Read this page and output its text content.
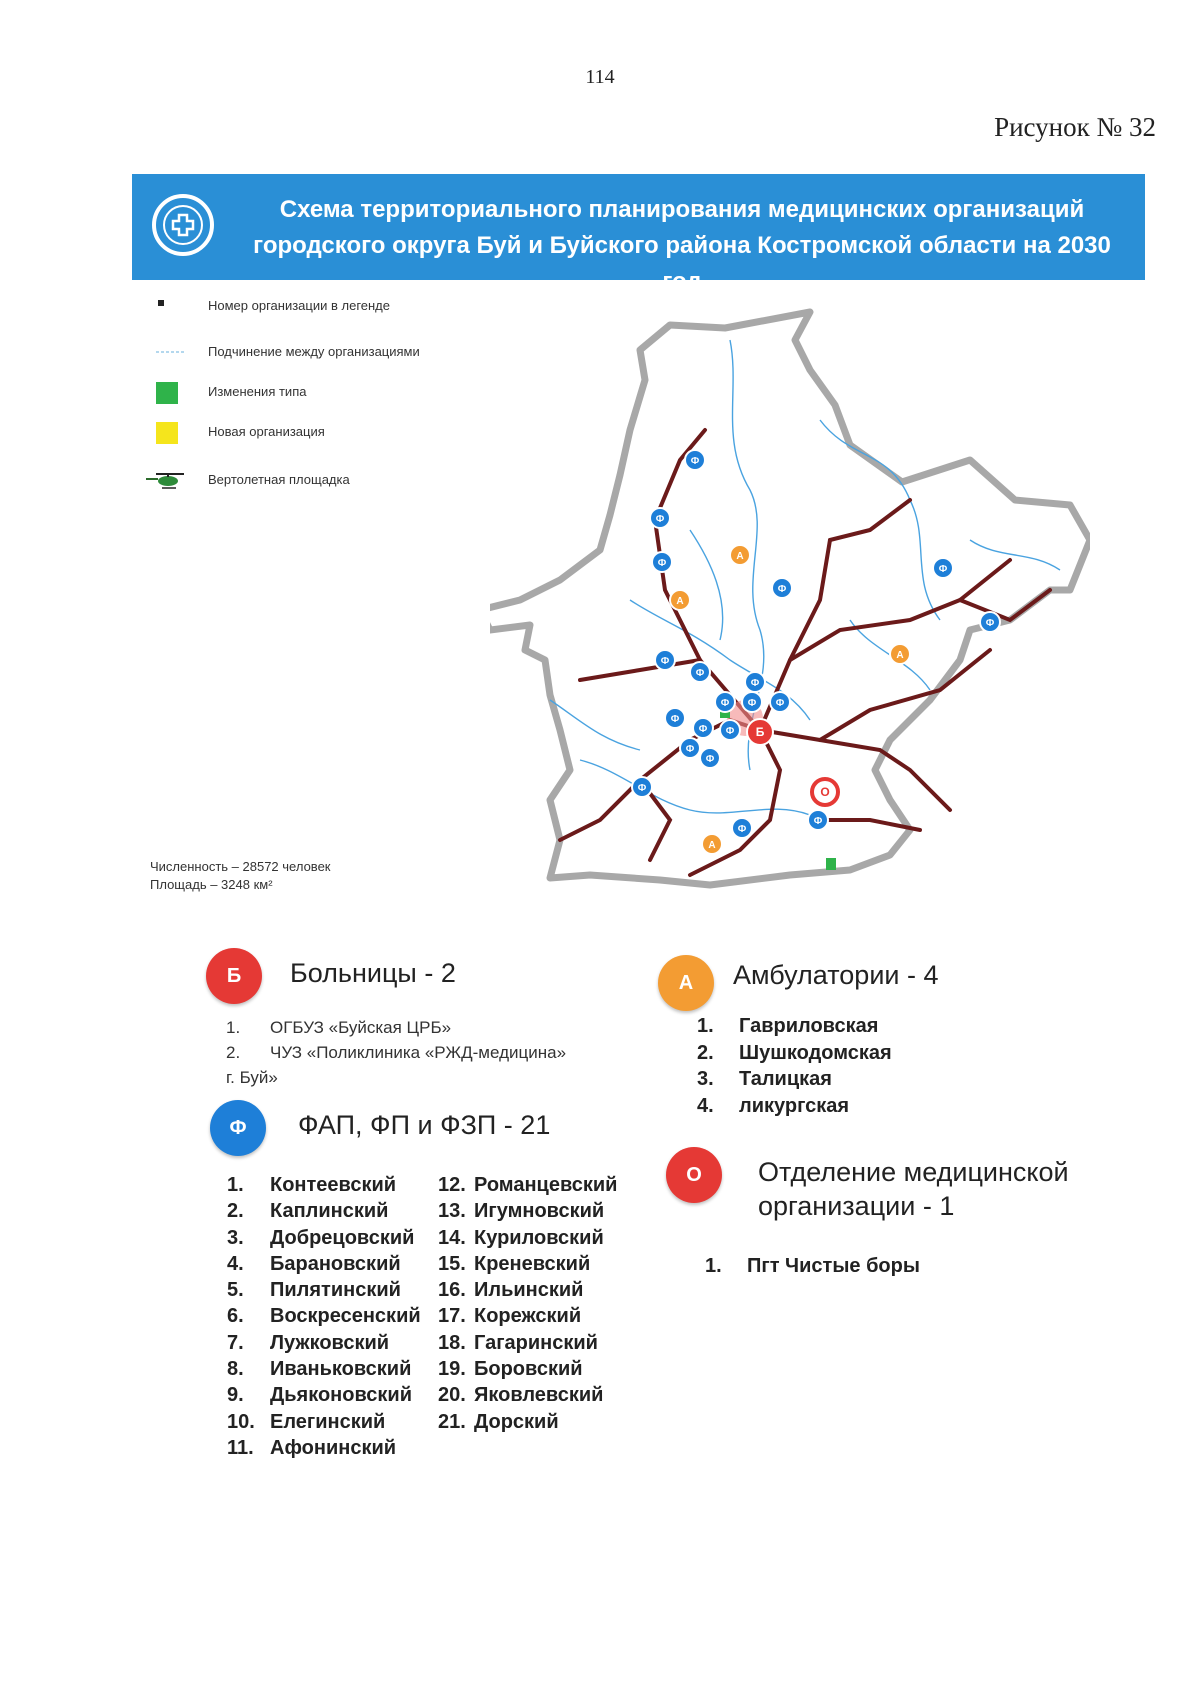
114
Рисунок № 32
Схема территориального планирования медицинских организаций
городского округа Буй и Буйского района Костромской области на 2030 год
Номер организации в легенде
Подчинение между организациями
Изменения типа
Новая организация
Вертолетная площадка
Численность – 28572 человек
Площадь – 3248 км²
Ф
Ф
Ф
А
Ф
Ф
Ф
А
А
Ф
Ф
Ф
Ф Ф Ф
Ф
Ф Ф
Ф
Ф
Б
Ф	О
Ф
Ф
А
Б	Больницы - 2
1. ОГБУЗ «Буйская ЦРБ»
2. ЧУЗ «Поликлиника «РЖД-медицина»
г. Буй»
А	Амбулатории - 4
1. Гавриловская
2. Шушкодомская
3. Талицкая
4. ликургская
Ф	ФАП, ФП и ФЗП - 21
1. Контеевский
2. Каплинский
3. Добрецовский
4. Барановский
5. Пилятинский
6. Воскресенский
7. Лужковский
8. Иваньковский
9. Дьяконовский
10. Елегинский
11. Афонинский
12. Романцевский
13. Игумновский
14. Куриловский
15. Креневский
16. Ильинский
17. Корежский
18. Гагаринский
19. Боровский
20. Яковлевский
21. Дорский
О	Отделение медицинской
организации - 1
1. Пгт Чистые боры
